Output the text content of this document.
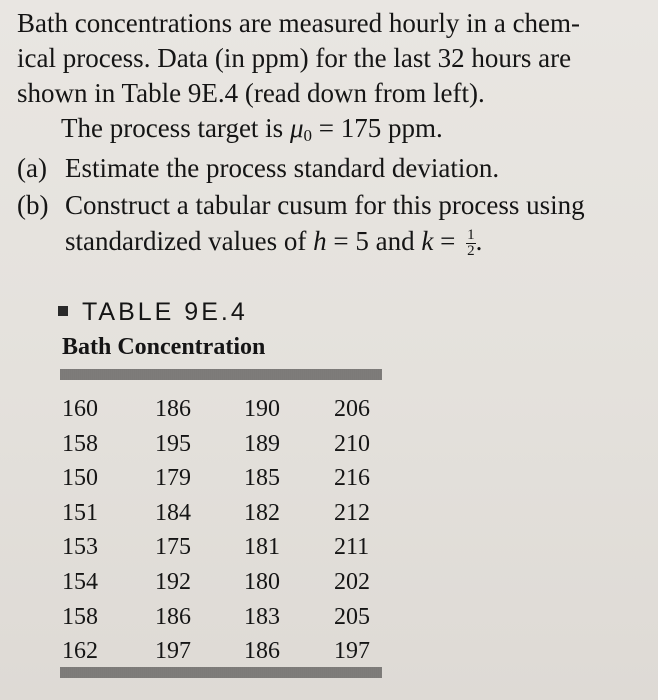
Bath concentrations are measured hourly in a chem-
ical process. Data (in ppm) for the last 32 hours are
shown in Table 9E.4 (read down from left).
The process target is $\mu_0 = 175$ ppm.

(a) Estimate the process standard deviation.
(b) Construct a tabular cusum for this process using
standardized values of h = 5 and $k = \frac{1}{2}$ .
TABLE 9E.4
Bath Concentration
160 186 190 206
158 195 189 210
150 179 185 216
151 184 182 212
153 175 181 211
154 192 180 202
158 186 183 205
162 197 186 197
